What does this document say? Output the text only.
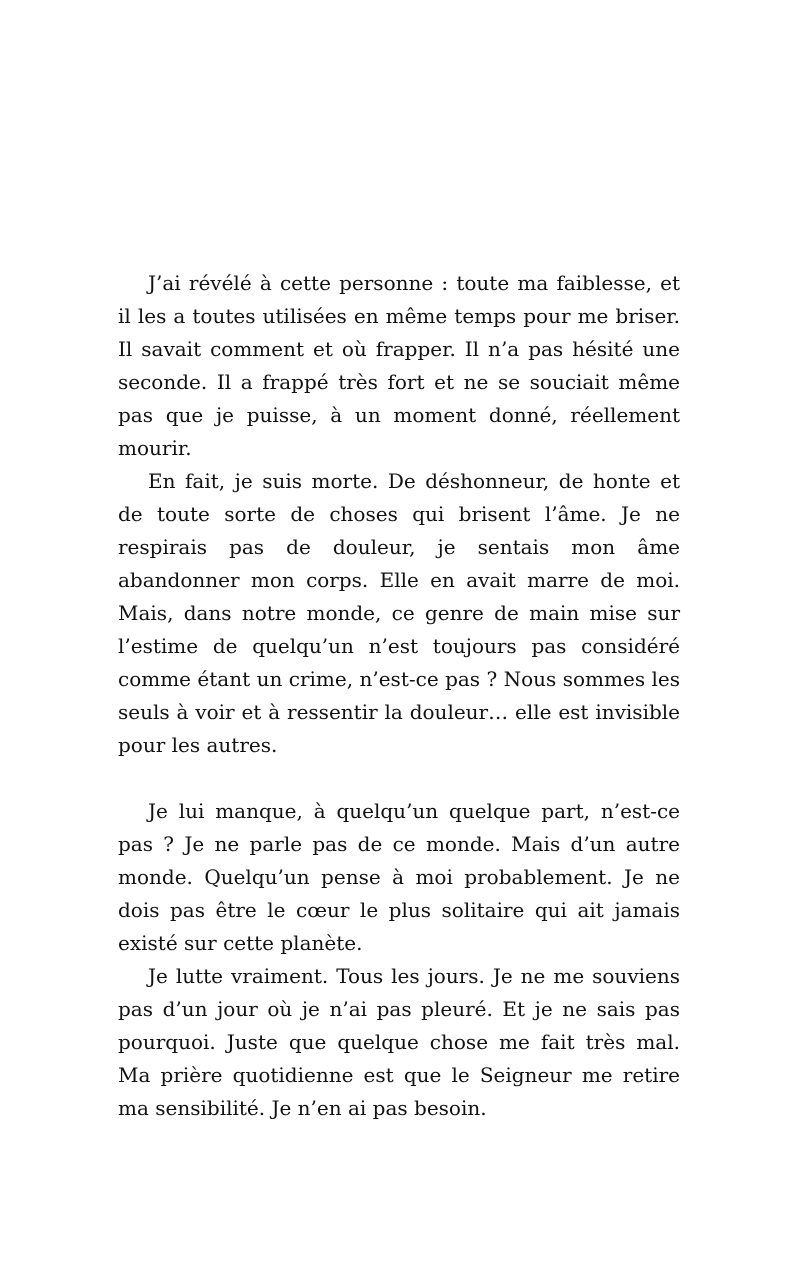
J’ai révélé à cette personne : toute ma faiblesse, et il les a toutes utilisées en même temps pour me briser. Il savait comment et où frapper. Il n’a pas hésité une seconde. Il a frappé très fort et ne se souciait même pas que je puisse, à un moment donné, réellement mourir.

En fait, je suis morte. De déshonneur, de honte et de toute sorte de choses qui brisent l’âme. Je ne respirais pas de douleur, je sentais mon âme abandonner mon corps. Elle en avait marre de moi. Mais, dans notre monde, ce genre de main mise sur l’estime de quelqu’un n’est toujours pas considéré comme étant un crime, n’est-ce pas ? Nous sommes les seuls à voir et à ressentir la douleur… elle est invisible pour les autres.

Je lui manque, à quelqu’un quelque part, n’est-ce pas ? Je ne parle pas de ce monde. Mais d’un autre monde. Quelqu’un pense à moi probablement. Je ne dois pas être le cœur le plus solitaire qui ait jamais existé sur cette planète.

Je lutte vraiment. Tous les jours. Je ne me souviens pas d’un jour où je n’ai pas pleuré. Et je ne sais pas pourquoi. Juste que quelque chose me fait très mal. Ma prière quotidienne est que le Seigneur me retire ma sensibilité. Je n’en ai pas besoin.
